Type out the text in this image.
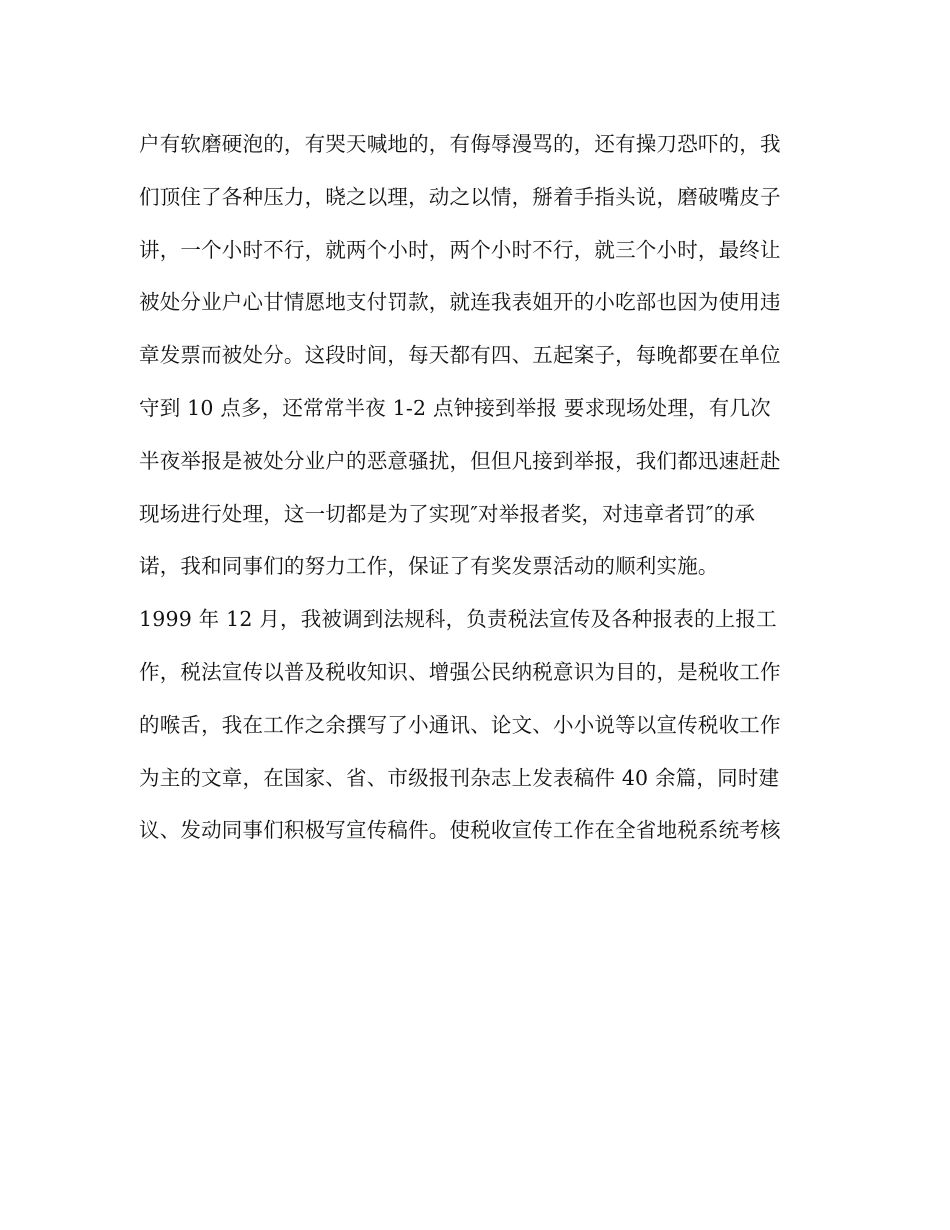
户有软磨硬泡的，有哭天喊地的，有侮辱漫骂的，还有操刀恐吓的，我
们顶住了各种压力，晓之以理，动之以情，掰着手指头说，磨破嘴皮子
讲，一个小时不行，就两个小时，两个小时不行，就三个小时，最终让
被处分业户心甘情愿地支付罚款，就连我表姐开的小吃部也因为使用违
章发票而被处分。这段时间，每天都有四、五起案子，每晚都要在单位
守到 10 点多，还常常半夜 1-2 点钟接到举报 要求现场处理，有几次
半夜举报是被处分业户的恶意骚扰，但但凡接到举报，我们都迅速赶赴
现场进行处理，这一切都是为了实现″对举报者奖，对违章者罚″的承
诺，我和同事们的努力工作，保证了有奖发票活动的顺利实施。
1999 年 12 月，我被调到法规科，负责税法宣传及各种报表的上报工
作，税法宣传以普及税收知识、增强公民纳税意识为目的，是税收工作
的喉舌，我在工作之余撰写了小通讯、论文、小小说等以宣传税收工作
为主的文章，在国家、省、市级报刊杂志上发表稿件 40 余篇，同时建
议、发动同事们积极写宣传稿件。使税收宣传工作在全省地税系统考核
